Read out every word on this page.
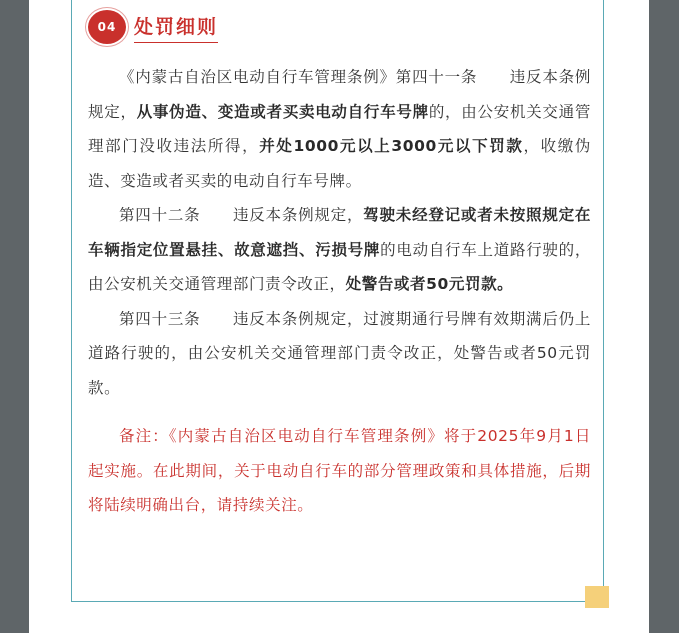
04 处罚细则

《内蒙古自治区电动自行车管理条例》第四十一条　　违反本条例规定，从事伪造、变造或者买卖电动自行车号牌的，由公安机关交通管理部门没收违法所得，并处1000元以上3000元以下罚款，收缴伪造、变造或者买卖的电动自行车号牌。

第四十二条　　违反本条例规定，驾驶未经登记或者未按照规定在车辆指定位置悬挂、故意遮挡、污损号牌的电动自行车上道路行驶的，由公安机关交通管理部门责令改正，处警告或者50元罚款。

第四十三条　　违反本条例规定，过渡期通行号牌有效期满后仍上道路行驶的，由公安机关交通管理部门责令改正，处警告或者50元罚款。

备注：《内蒙古自治区电动自行车管理条例》将于2025年9月1日起实施。在此期间，关于电动自行车的部分管理政策和具体措施，后期将陆续明确出台，请持续关注。
